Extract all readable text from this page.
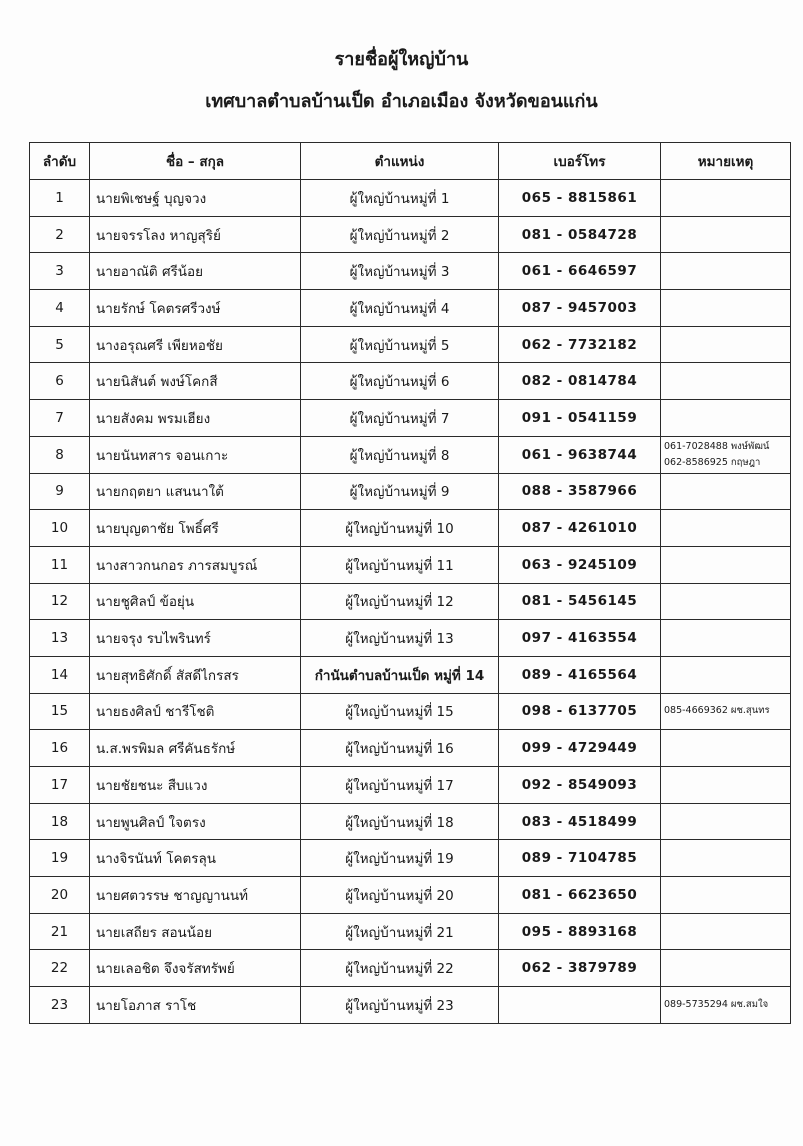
รายชื่อผู้ใหญ่บ้าน
เทศบาลตำบลบ้านเป็ด อำเภอเมือง จังหวัดขอนแก่น
ลำดับ	ชื่อ – สกุล	ตำแหน่ง	เบอร์โทร	หมายเหตุ
1	นายพิเชษฐ์ บุญจวง	ผู้ใหญ่บ้านหมู่ที่ 1	065 - 8815861	

2	นายจรรโลง หาญสุริย์	ผู้ใหญ่บ้านหมู่ที่ 2	081 - 0584728	

3	นายอาณัติ ศรีน้อย	ผู้ใหญ่บ้านหมู่ที่ 3	061 - 6646597	

4	นายรักษ์ โคตรศรีวงษ์	ผู้ใหญ่บ้านหมู่ที่ 4	087 - 9457003	

5	นางอรุณศรี เพียหอชัย	ผู้ใหญ่บ้านหมู่ที่ 5	062 - 7732182	

6	นายนิสันต์ พงษ์โคกสี	ผู้ใหญ่บ้านหมู่ที่ 6	082 - 0814784	

7	นายสังคม พรมเฮียง	ผู้ใหญ่บ้านหมู่ที่ 7	091 - 0541159	

8	นายนันทสาร จอนเกาะ	ผู้ใหญ่บ้านหมู่ที่ 8	061 - 9638744	061-7028488 พงษ์พัฒน์
062-8586925 กฤษฎา

9	นายกฤตยา แสนนาใต้	ผู้ใหญ่บ้านหมู่ที่ 9	088 - 3587966	

10	นายบุญตาชัย โพธิ์ศรี	ผู้ใหญ่บ้านหมู่ที่ 10	087 - 4261010	

11	นางสาวกนกอร ภารสมบูรณ์	ผู้ใหญ่บ้านหมู่ที่ 11	063 - 9245109	

12	นายชูศิลป์ ข้อยุ่น	ผู้ใหญ่บ้านหมู่ที่ 12	081 - 5456145	

13	นายจรุง รบไพรินทร์	ผู้ใหญ่บ้านหมู่ที่ 13	097 - 4163554	

14	นายสุทธิศักดิ์ สัสดีไกรสร	กำนันตำบลบ้านเป็ด หมู่ที่ 14	089 - 4165564	

15	นายธงศิลป์ ชารีโชติ	ผู้ใหญ่บ้านหมู่ที่ 15	098 - 6137705	085-4669362 ผช.สุนทร

16	น.ส.พรพิมล ศรีคันธรักษ์	ผู้ใหญ่บ้านหมู่ที่ 16	099 - 4729449	

17	นายชัยชนะ สืบแวง	ผู้ใหญ่บ้านหมู่ที่ 17	092 - 8549093	

18	นายพูนศิลป์ ใจตรง	ผู้ใหญ่บ้านหมู่ที่ 18	083 - 4518499	

19	นางจิรนันท์ โคตรลุน	ผู้ใหญ่บ้านหมู่ที่ 19	089 - 7104785	

20	นายศตวรรษ ชาญญานนท์	ผู้ใหญ่บ้านหมู่ที่ 20	081 - 6623650	

21	นายเสถียร สอนน้อย	ผู้ใหญ่บ้านหมู่ที่ 21	095 - 8893168	

22	นายเลอชิต จึงจรัสทรัพย์	ผู้ใหญ่บ้านหมู่ที่ 22	062 - 3879789	

23	นายโอภาส ราโช	ผู้ใหญ่บ้านหมู่ที่ 23		089-5735294 ผช.สมใจ
